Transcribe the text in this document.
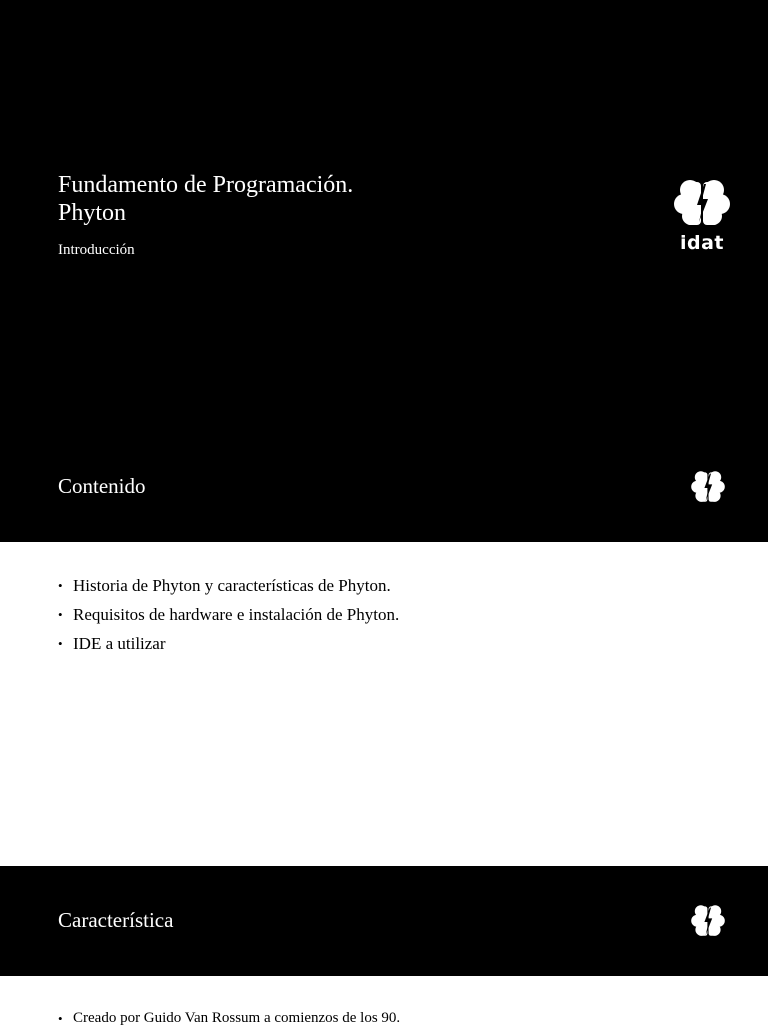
Fundamento de Programación.
Phyton
Introducción	idat
Contenido
• Historia de Phyton y características de Phyton.
• Requisitos de hardware e instalación de Phyton.
• IDE a utilizar
Característica
• Creado por Guido Van Rossum a comienzos de los 90.
